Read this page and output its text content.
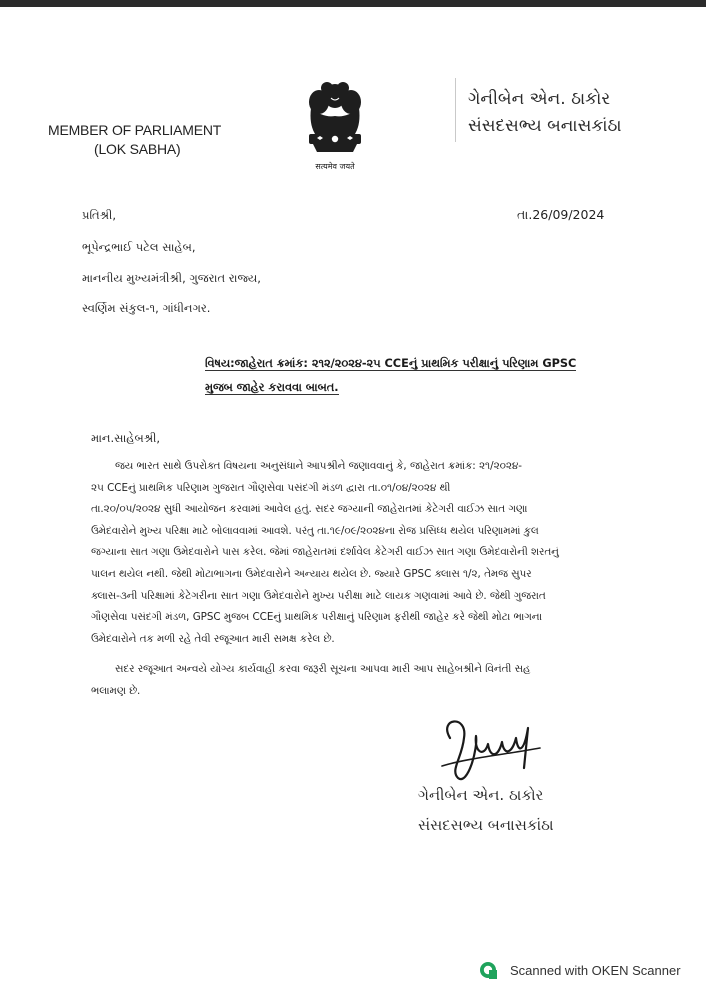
MEMBER OF PARLIAMENT
(LOK SABHA)
सत्यमेव जयते
ગેનીબેન એન. ઠાકોર
સંસદસભ્ય બનાસકાંઠા
તા.26/09/2024
પ્રતિશ્રી,
ભૂપેન્દ્રભાઈ પટેલ સાહેબ,
માનનીય મુખ્યમંત્રીશ્રી, ગુજરાત રાજ્ય,
સ્વર્ણિમ સંકુલ-૧, ગાંધીનગર.
વિષય:જાહેરાત ક્રમાંક: ૨૧૨/૨૦૨૪-૨૫ CCEનું પ્રાથમિક પરીક્ષાનું પરિણામ GPSC
મુજબ જાહેર કરાવવા બાબત.
માન.સાહેબશ્રી,
જય ભારત સાથે ઉપરોક્ત વિષયના અનુસંધાને આપશ્રીને જણાવવાનું કે, જાહેરાત ક્રમાંક: ૨૧/૨૦૨૪-
૨૫ CCEનું પ્રાથમિક પરિણામ ગુજરાત ગૌણસેવા પસંદગી મંડળ દ્વારા તા.૦૧/૦૪/૨૦૨૪ થી
તા.૨૦/૦૫/૨૦૨૪ સુધી આયોજન કરવામાં આવેલ હતું. સદર જગ્યાની જાહેરાતમાં કેટેગરી વાઈઝ સાત ગણા
ઉમેદવારોને મુખ્ય પરિક્ષા માટે બોલાવવામાં આવશે. પરંતુ તા.૧૯/૦૯/૨૦૨૪ના રોજ પ્રસિધ્ધ થયેલ પરિણામમાં કુલ
જગ્યાના સાત ગણા ઉમેદવારોને પાસ કરેલ. જેમાં જાહેરાતમાં દર્શાવેલ કેટેગરી વાઈઝ સાત ગણા ઉમેદવારોની શરતનું
પાલન થયેલ નથી. જેથી મોટાભાગના ઉમેદવારોને અન્યાય થયેલ છે. જ્યારે GPSC ક્લાસ ૧/૨, તેમજ સુપર
ક્લાસ-૩ની પરિક્ષામાં કેટેગરીના સાત ગણા ઉમેદવારોને મુખ્ય પરીક્ષા માટે લાયક ગણવામાં આવે છે. જેથી ગુજરાત
ગૌણસેવા પસંદગી મંડળ, GPSC મુજબ CCEનું પ્રાથમિક પરીક્ષાનું પરિણામ ફરીથી જાહેર કરે જેથી મોટા ભાગના
ઉમેદવારોને તક મળી રહે તેવી રજૂઆત મારી સમક્ષ કરેલ છે.
સદર રજૂઆત અન્વયે યોગ્ય કાર્યવાહી કરવા જરૂરી સૂચના આપવા મારી આપ સાહેબશ્રીને વિનંતી સહ
ભલામણ છે.
ગેનીબેન એન. ઠાકોર
સંસદસભ્ય બનાસકાંઠા
Scanned with OKEN Scanner
